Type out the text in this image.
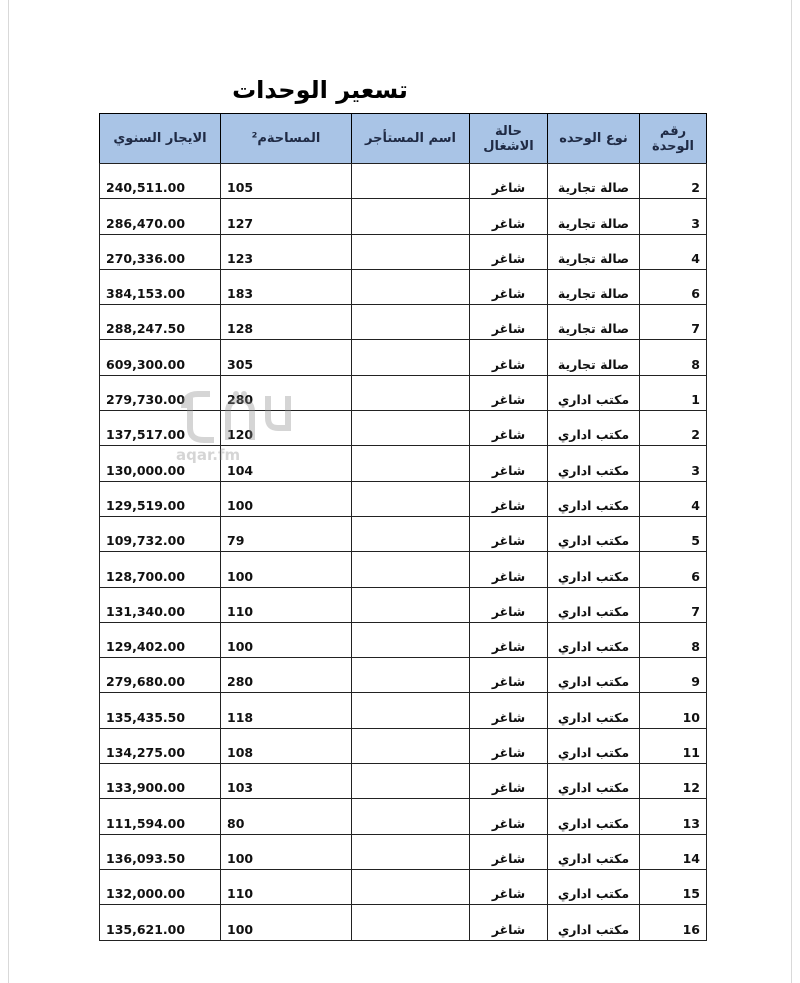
تسعير الوحدات
رقم الوحدة	نوع الوحده	حالة الاشغال	اسم المستأجر	المساحةم²	الايجار السنوي

2	صالة تجارية	شاغر		105	240,511.00
3	صالة تجارية	شاغر		127	286,470.00
4	صالة تجارية	شاغر		123	270,336.00
6	صالة تجارية	شاغر		183	384,153.00
7	صالة تجارية	شاغر		128	288,247.50
8	صالة تجارية	شاغر		305	609,300.00
1	مكتب اداري	شاغر		280	279,730.00
2	مكتب اداري	شاغر		120	137,517.00
3	مكتب اداري	شاغر		104	130,000.00
4	مكتب اداري	شاغر		100	129,519.00
5	مكتب اداري	شاغر		79	109,732.00
6	مكتب اداري	شاغر		100	128,700.00
7	مكتب اداري	شاغر		110	131,340.00
8	مكتب اداري	شاغر		100	129,402.00
9	مكتب اداري	شاغر		280	279,680.00
10	مكتب اداري	شاغر		118	135,435.50
11	مكتب اداري	شاغر		108	134,275.00
12	مكتب اداري	شاغر		103	133,900.00
13	مكتب اداري	شاغر		80	111,594.00
14	مكتب اداري	شاغر		100	136,093.50
15	مكتب اداري	شاغر		110	132,000.00
16	مكتب اداري	شاغر		100	135,621.00
aqar.fm
